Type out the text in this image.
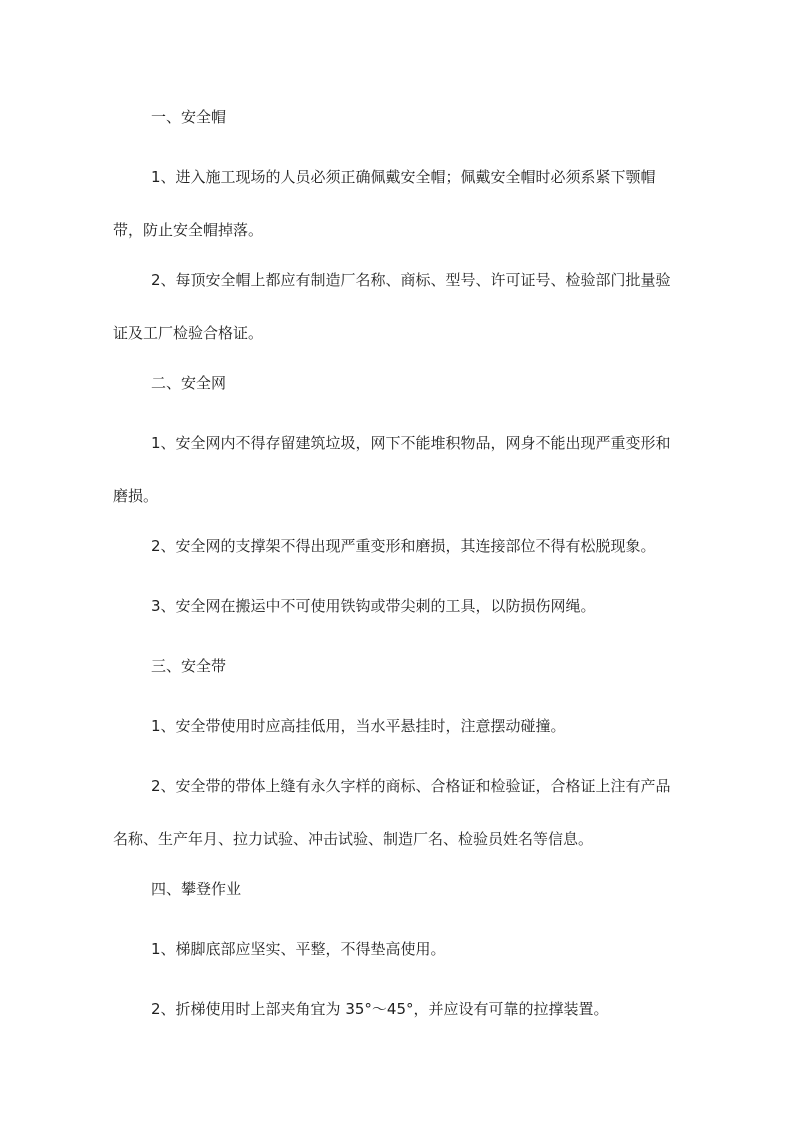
一、安全帽

1、进入施工现场的人员必须正确佩戴安全帽；佩戴安全帽时必须系紧下颚帽带，防止安全帽掉落。

2、每顶安全帽上都应有制造厂名称、商标、型号、许可证号、检验部门批量验证及工厂检验合格证。

二、安全网

1、安全网内不得存留建筑垃圾，网下不能堆积物品，网身不能出现严重变形和磨损。

2、安全网的支撑架不得出现严重变形和磨损，其连接部位不得有松脱现象。

3、安全网在搬运中不可使用铁钩或带尖刺的工具，以防损伤网绳。

三、安全带

1、安全带使用时应高挂低用，当水平悬挂时，注意摆动碰撞。

2、安全带的带体上缝有永久字样的商标、合格证和检验证，合格证上注有产品名称、生产年月、拉力试验、冲击试验、制造厂名、检验员姓名等信息。

四、攀登作业

1、梯脚底部应坚实、平整，不得垫高使用。

2、折梯使用时上部夹角宜为 35°～45°，并应设有可靠的拉撑装置。
